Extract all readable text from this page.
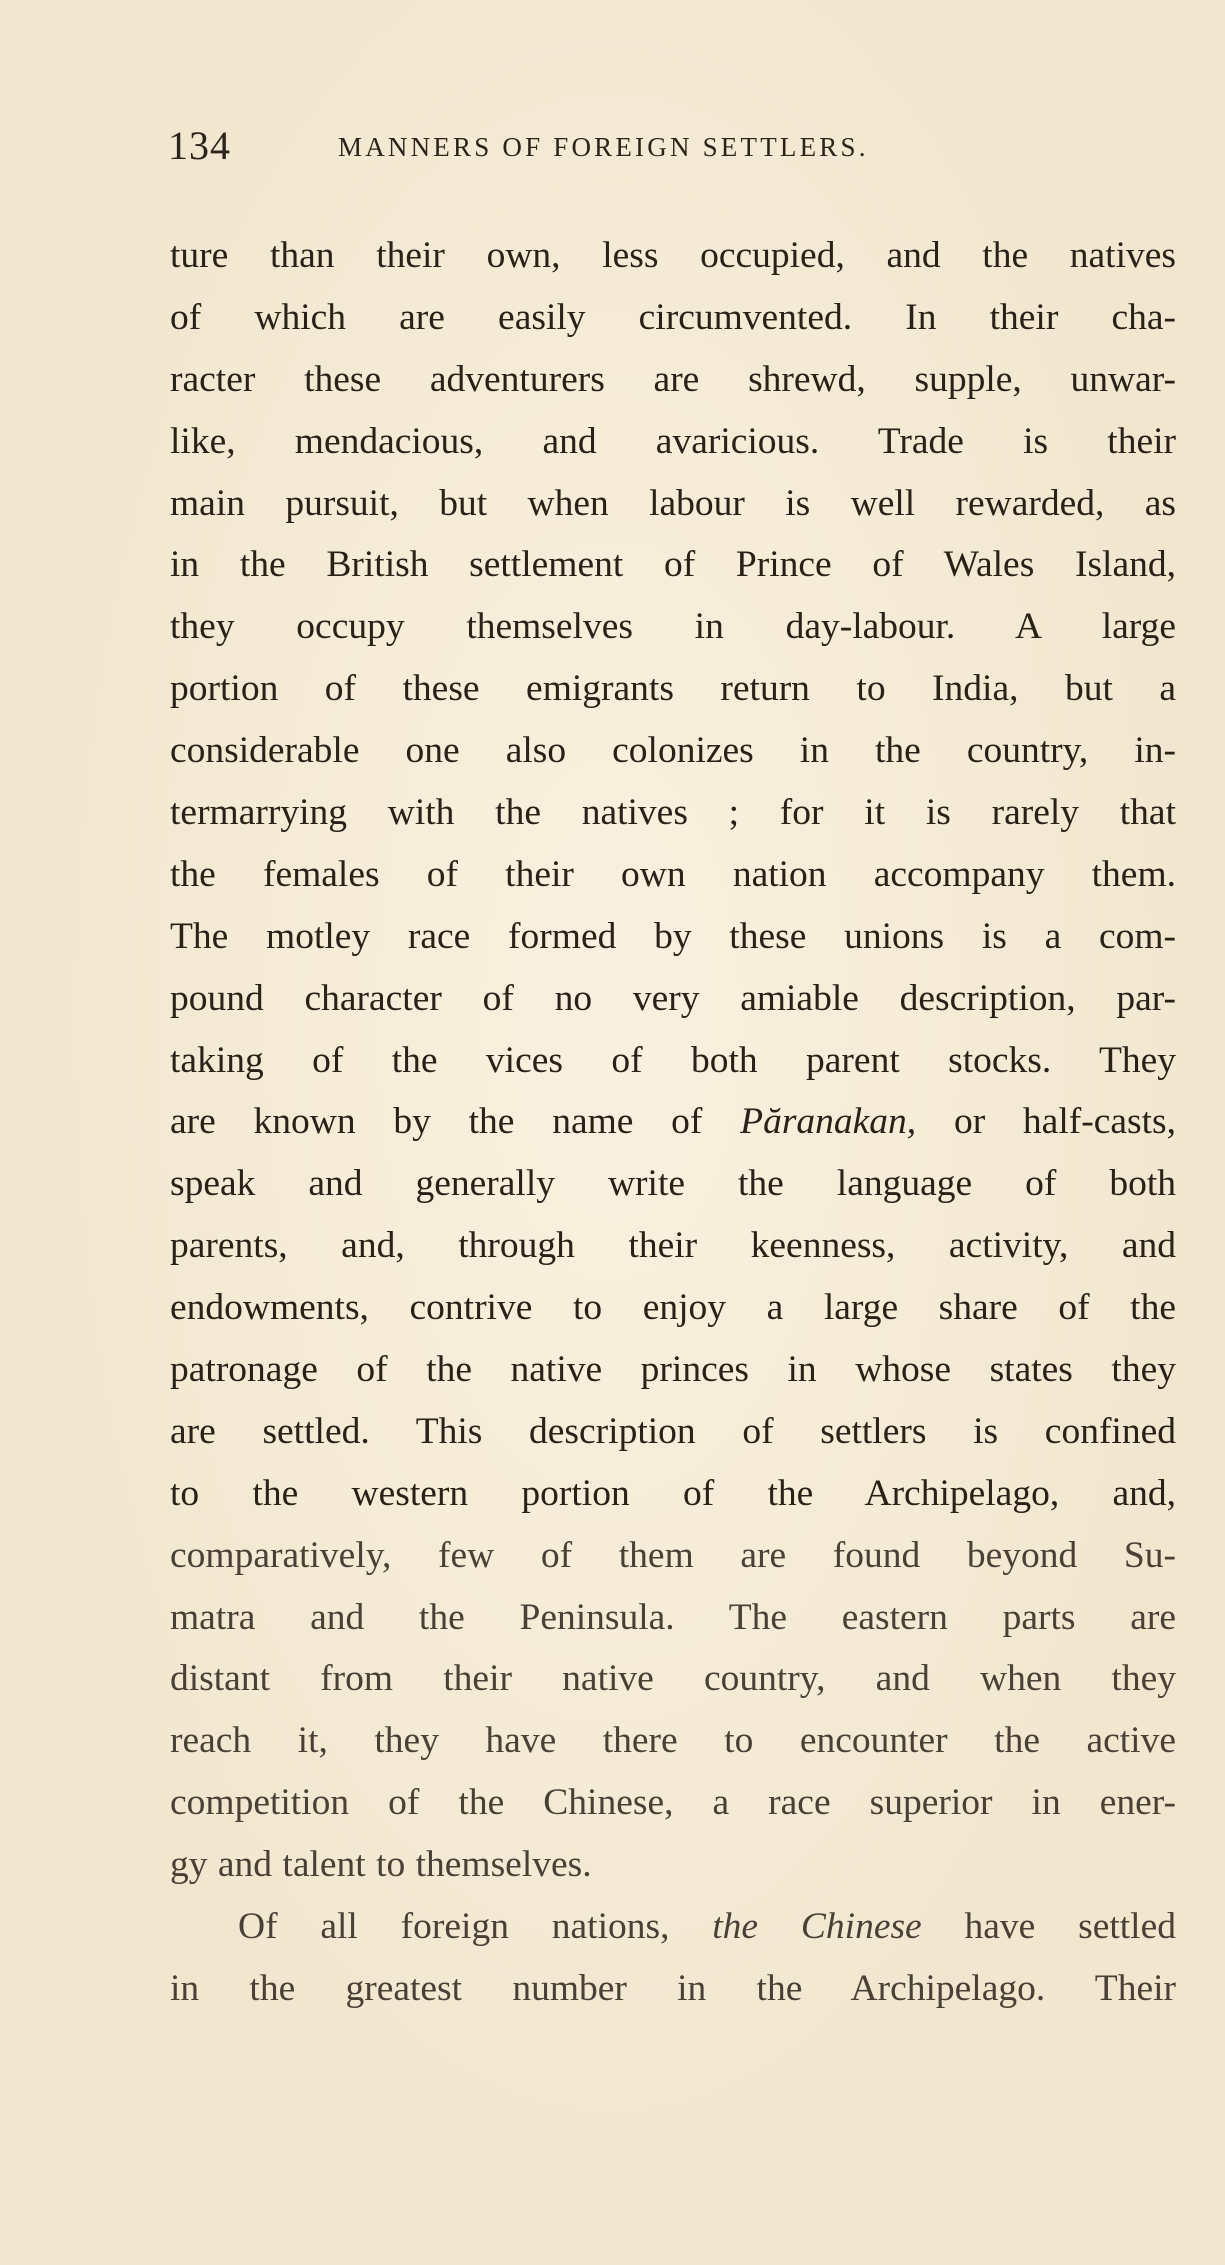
134	MANNERS OF FOREIGN SETTLERS.
ture than their own, less occupied, and the natives
of which are easily circumvented. In their cha-
racter these adventurers are shrewd, supple, unwar-
like, mendacious, and avaricious. Trade is their
main pursuit, but when labour is well rewarded, as
in the British settlement of Prince of Wales Island,
they occupy themselves in day-labour. A large
portion of these emigrants return to India, but a
considerable one also colonizes in the country, in-
termarrying with the natives ; for it is rarely that
the females of their own nation accompany them.
The motley race formed by these unions is a com-
pound character of no very amiable description, par-
taking of the vices of both parent stocks. They
are known by the name of Păranakan, or half-casts,
speak and generally write the language of both
parents, and, through their keenness, activity, and
endowments, contrive to enjoy a large share of the
patronage of the native princes in whose states they
are settled. This description of settlers is confined
to the western portion of the Archipelago, and,
comparatively, few of them are found beyond Su-
matra and the Peninsula. The eastern parts are
distant from their native country, and when they
reach it, they have there to encounter the active
competition of the Chinese, a race superior in ener-
gy and talent to themselves.
Of all foreign nations, the Chinese have settled
in the greatest number in the Archipelago. Their
